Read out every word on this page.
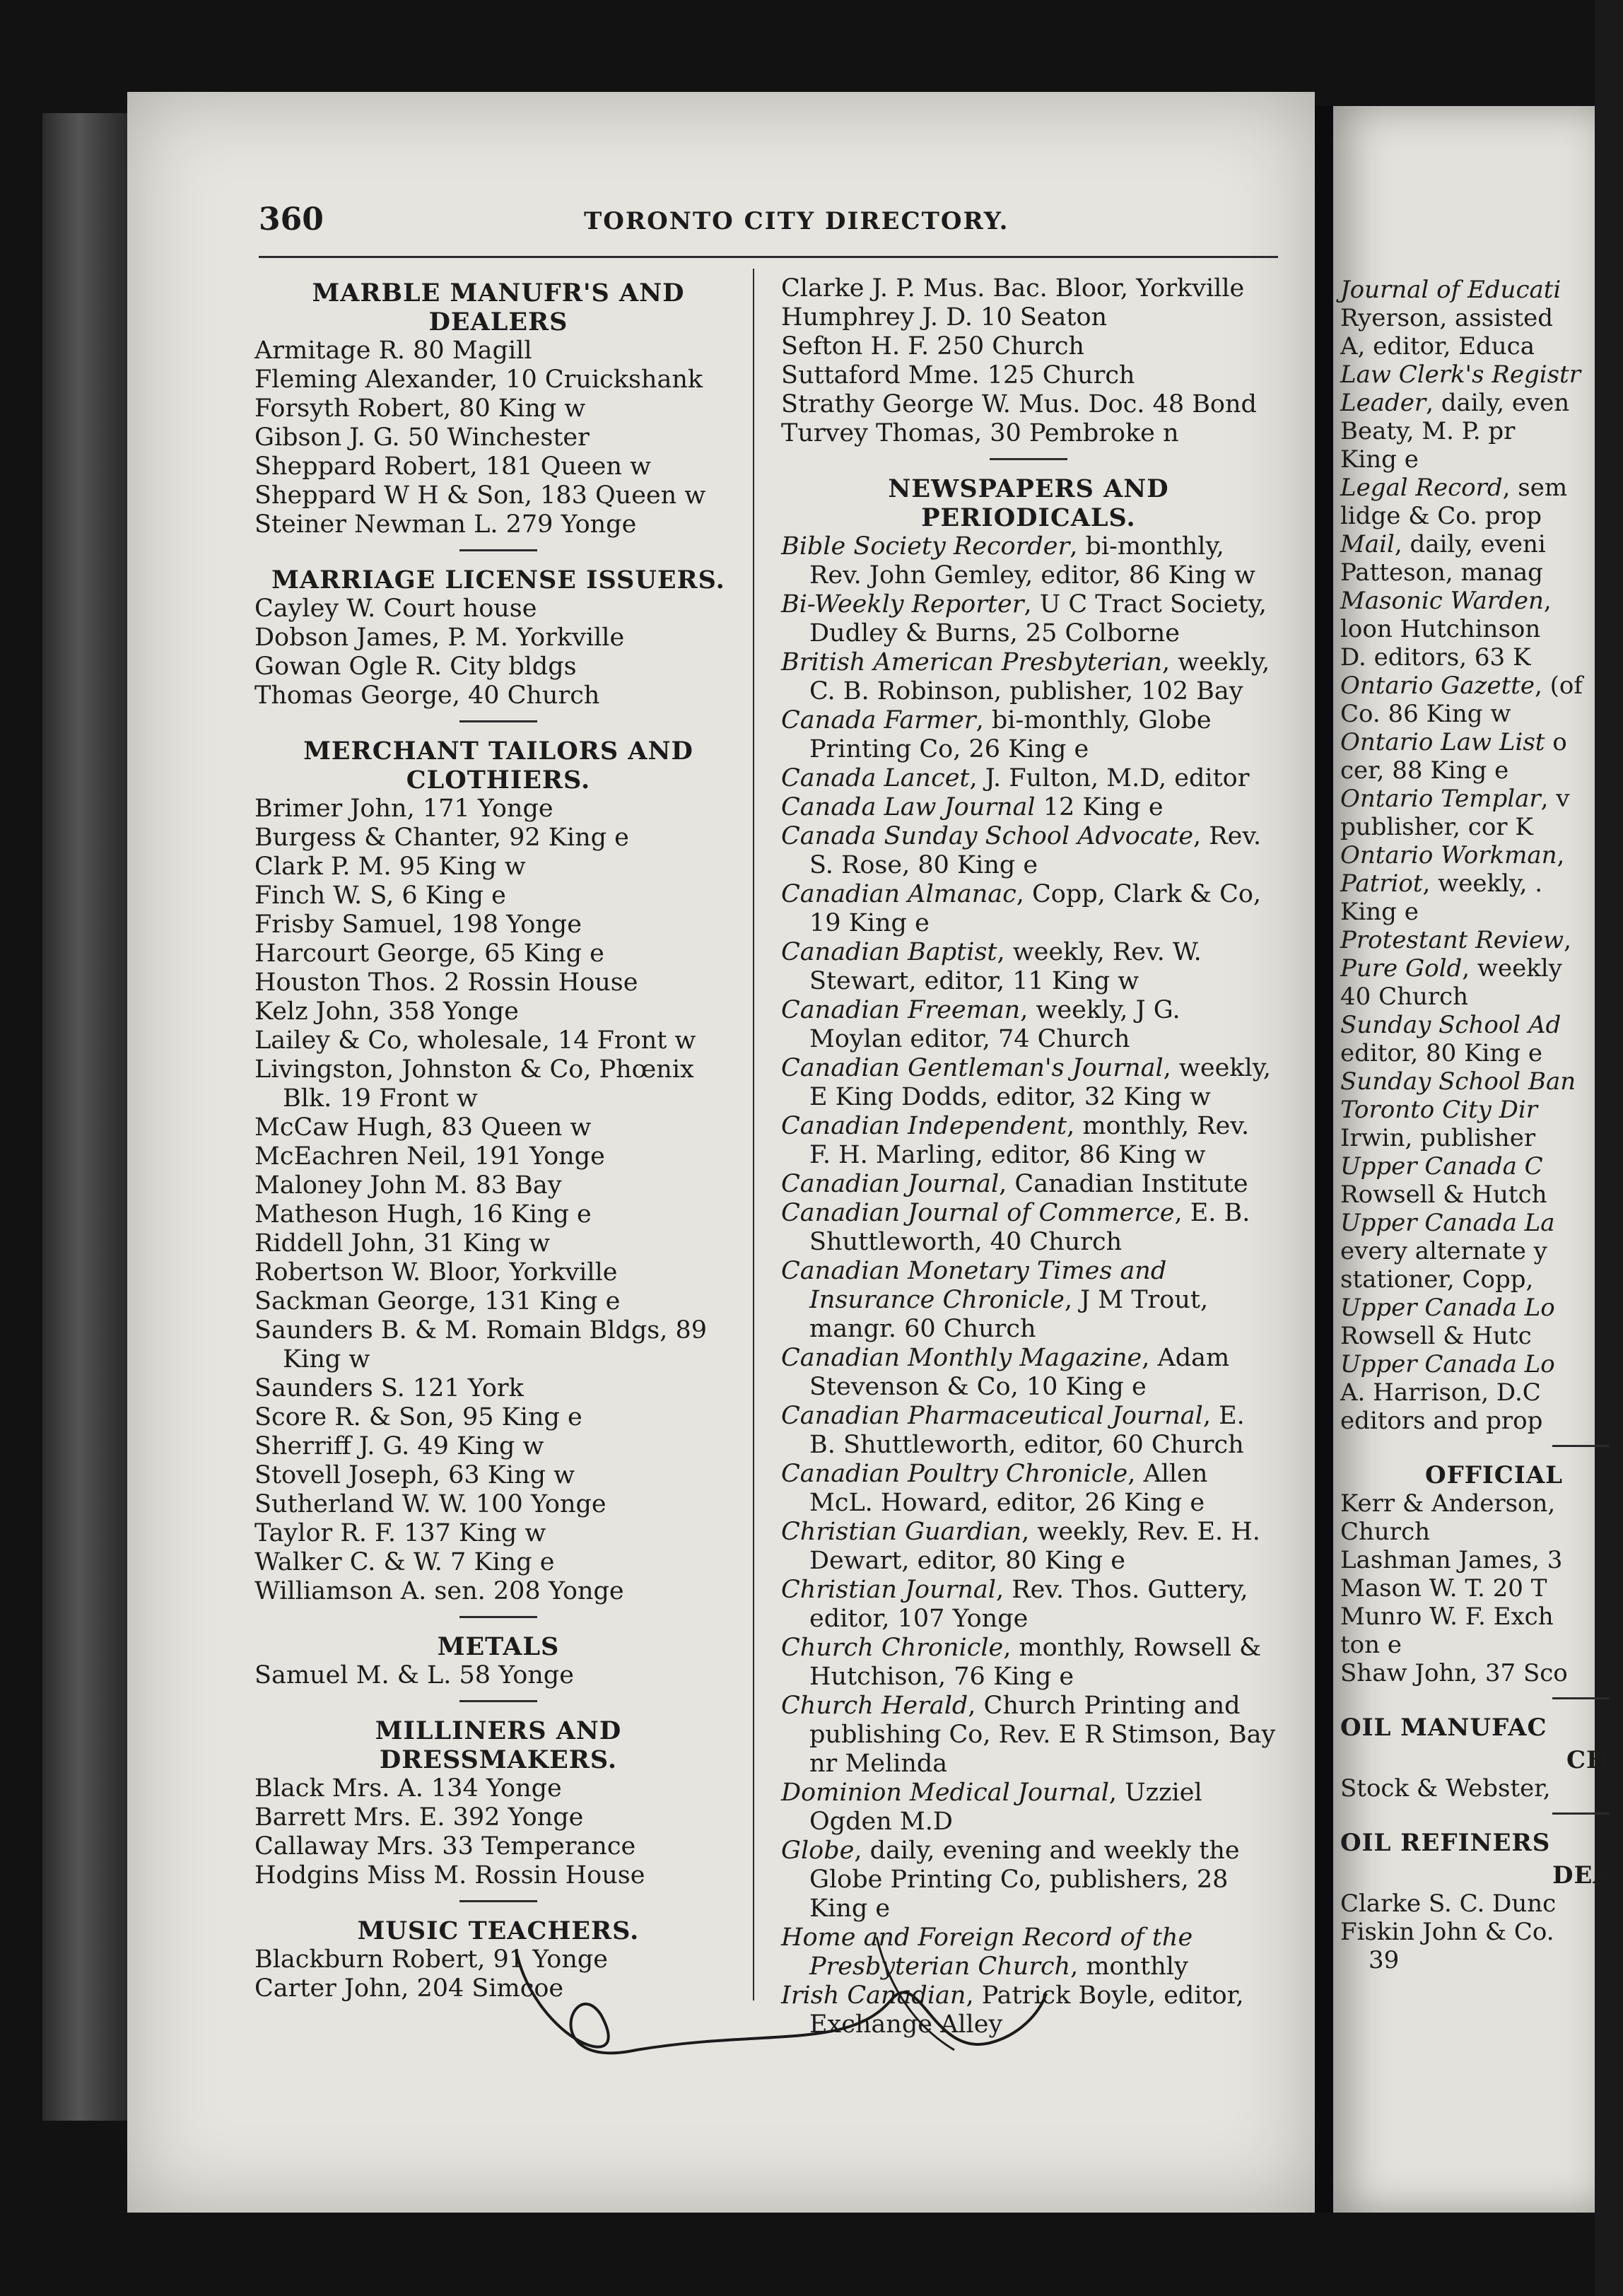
Journal of Educati
Ryerson, assisted
A, editor, Educa
Law Clerk's Registr
Leader, daily, even
Beaty, M. P. pr
King e
Legal Record, sem
lidge & Co. prop
Mail, daily, eveni
Patteson, manag
Masonic Warden,
loon Hutchinson
D. editors, 63 K
Ontario Gazette, (of
Co. 86 King w
Ontario Law List o
cer, 88 King e
Ontario Templar, v
publisher, cor K
Ontario Workman,
Patriot, weekly, .
King e
Protestant Review,
Pure Gold, weekly
40 Church
Sunday School Ad
editor, 80 King e
Sunday School Ban
Toronto City Dir
Irwin, publisher
Upper Canada C
Rowsell & Hutch
Upper Canada La
every alternate y
stationer, Copp,
Upper Canada Lo
Rowsell & Hutc
Upper Canada Lo
A. Harrison, D.C
editors and prop
OFFICIAL
Kerr & Anderson,
Church
Lashman James, 3
Mason W. T. 20 T
Munro W. F. Exch
ton e
Shaw John, 37 Sco
OIL MANUFAC
CH
Stock & Webster,
OIL REFINERS
DEA
Clarke S. C. Dunc
Fiskin John & Co.
39
360	TORONTO CITY DIRECTORY.
MARBLE MANUFR'S AND DEALERS
Armitage R. 80 Magill
Fleming Alexander, 10 Cruickshank
Forsyth Robert, 80 King w
Gibson J. G. 50 Winchester
Sheppard Robert, 181 Queen w
Sheppard W H & Son, 183 Queen w
Steiner Newman L. 279 Yonge
MARRIAGE LICENSE ISSUERS.
Cayley W. Court house
Dobson James, P. M. Yorkville
Gowan Ogle R. City bldgs
Thomas George, 40 Church
MERCHANT TAILORS AND CLOTHIERS.
Brimer John, 171 Yonge
Burgess & Chanter, 92 King e
Clark P. M. 95 King w
Finch W. S, 6 King e
Frisby Samuel, 198 Yonge
Harcourt George, 65 King e
Houston Thos. 2 Rossin House
Kelz John, 358 Yonge
Lailey & Co, wholesale, 14 Front w
Livingston, Johnston & Co, Phœnix Blk. 19 Front w
McCaw Hugh, 83 Queen w
McEachren Neil, 191 Yonge
Maloney John M. 83 Bay
Matheson Hugh, 16 King e
Riddell John, 31 King w
Robertson W. Bloor, Yorkville
Sackman George, 131 King e
Saunders B. & M. Romain Bldgs, 89 King w
Saunders S. 121 York
Score R. & Son, 95 King e
Sherriff J. G. 49 King w
Stovell Joseph, 63 King w
Sutherland W. W. 100 Yonge
Taylor R. F. 137 King w
Walker C. & W. 7 King e
Williamson A. sen. 208 Yonge
METALS
Samuel M. & L. 58 Yonge
MILLINERS AND DRESSMAKERS.
Black Mrs. A. 134 Yonge
Barrett Mrs. E. 392 Yonge
Callaway Mrs. 33 Temperance
Hodgins Miss M. Rossin House
MUSIC TEACHERS.
Blackburn Robert, 91 Yonge
Carter John, 204 Simcoe
Clarke J. P. Mus. Bac. Bloor, Yorkville
Humphrey J. D. 10 Seaton
Sefton H. F. 250 Church
Suttaford Mme. 125 Church
Strathy George W. Mus. Doc. 48 Bond
Turvey Thomas, 30 Pembroke n
NEWSPAPERS AND PERIODICALS.
Bible Society Recorder, bi-monthly, Rev. John Gemley, editor, 86 King w
Bi-Weekly Reporter, U C Tract Society, Dudley & Burns, 25 Colborne
British American Presbyterian, weekly, C. B. Robinson, publisher, 102 Bay
Canada Farmer, bi-monthly, Globe Printing Co, 26 King e
Canada Lancet, J. Fulton, M.D, editor
Canada Law Journal 12 King e
Canada Sunday School Advocate, Rev. S. Rose, 80 King e
Canadian Almanac, Copp, Clark & Co, 19 King e
Canadian Baptist, weekly, Rev. W. Stewart, editor, 11 King w
Canadian Freeman, weekly, J G. Moylan editor, 74 Church
Canadian Gentleman's Journal, weekly, E King Dodds, editor, 32 King w
Canadian Independent, monthly, Rev. F. H. Marling, editor, 86 King w
Canadian Journal, Canadian Institute
Canadian Journal of Commerce, E. B. Shuttleworth, 40 Church
Canadian Monetary Times and Insurance Chronicle, J M Trout, mangr. 60 Church
Canadian Monthly Magazine, Adam Stevenson & Co, 10 King e
Canadian Pharmaceutical Journal, E. B. Shuttleworth, editor, 60 Church
Canadian Poultry Chronicle, Allen McL. Howard, editor, 26 King e
Christian Guardian, weekly, Rev. E. H. Dewart, editor, 80 King e
Christian Journal, Rev. Thos. Guttery, editor, 107 Yonge
Church Chronicle, monthly, Rowsell & Hutchison, 76 King e
Church Herald, Church Printing and publishing Co, Rev. E R Stimson, Bay nr Melinda
Dominion Medical Journal, Uzziel Ogden M.D
Globe, daily, evening and weekly the Globe Printing Co, publishers, 28 King e
Home and Foreign Record of the Presbyterian Church, monthly
Irish Canadian, Patrick Boyle, editor, Exchange Alley
